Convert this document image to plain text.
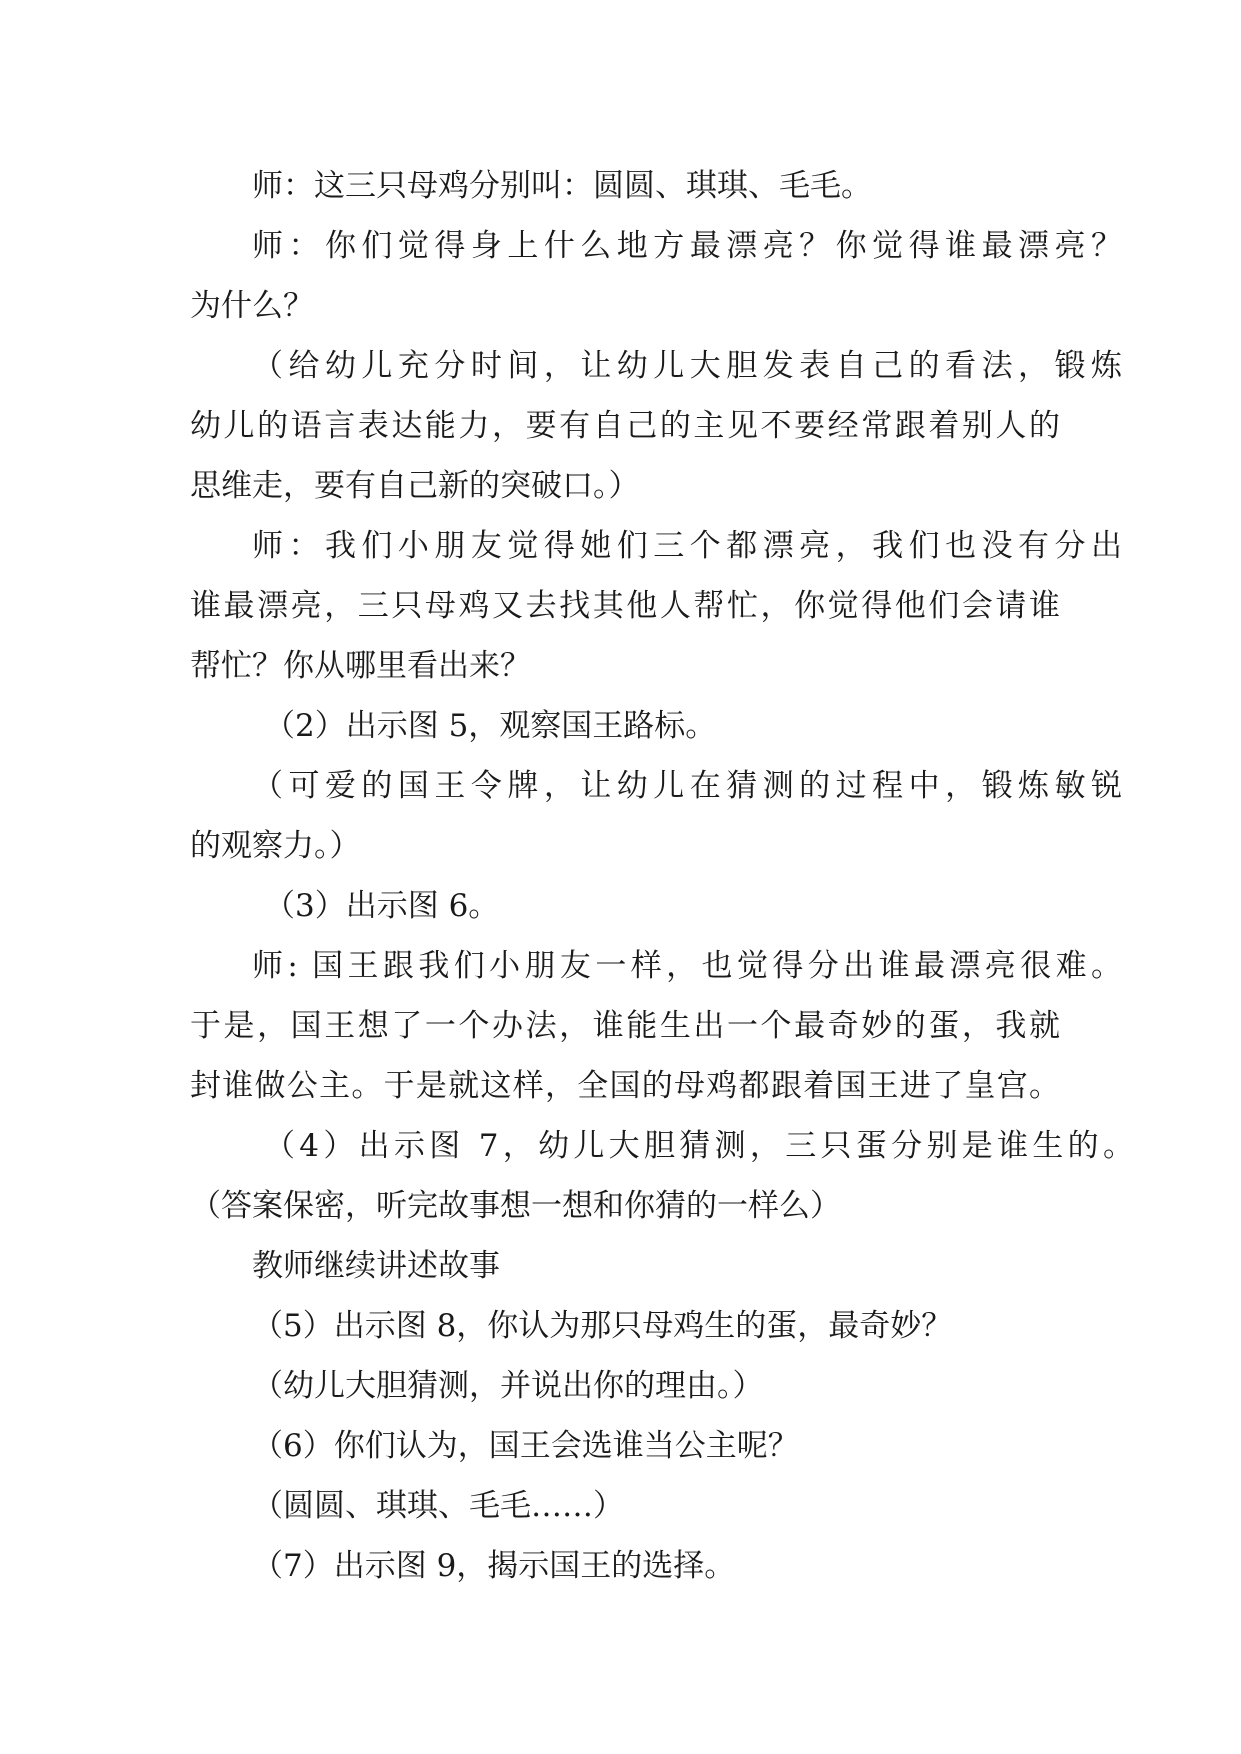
师：这三只母鸡分别叫：圆圆、琪琪、毛毛。

师：你们觉得身上什么地方最漂亮？你觉得谁最漂亮？

为什么？

（给幼儿充分时间，让幼儿大胆发表自己的看法，锻炼

幼儿的语言表达能力，要有自己的主见不要经常跟着别人的

思维走，要有自己新的突破口。）

师：我们小朋友觉得她们三个都漂亮，我们也没有分出

谁最漂亮，三只母鸡又去找其他人帮忙，你觉得他们会请谁

帮忙？你从哪里看出来？

（2）出示图 5，观察国王路标。

（可爱的国王令牌，让幼儿在猜测的过程中，锻炼敏锐

的观察力。）

（3）出示图 6。

师: 国王跟我们小朋友一样，也觉得分出谁最漂亮很难。

于是，国王想了一个办法，谁能生出一个最奇妙的蛋，我就

封谁做公主。于是就这样，全国的母鸡都跟着国王进了皇宫。

（4）出示图 7，幼儿大胆猜测，三只蛋分别是谁生的。

（答案保密，听完故事想一想和你猜的一样么）

教师继续讲述故事

（5）出示图 8，你认为那只母鸡生的蛋，最奇妙？

（幼儿大胆猜测，并说出你的理由。）

（6）你们认为，国王会选谁当公主呢？

（圆圆、琪琪、毛毛……）

（7）出示图 9，揭示国王的选择。
